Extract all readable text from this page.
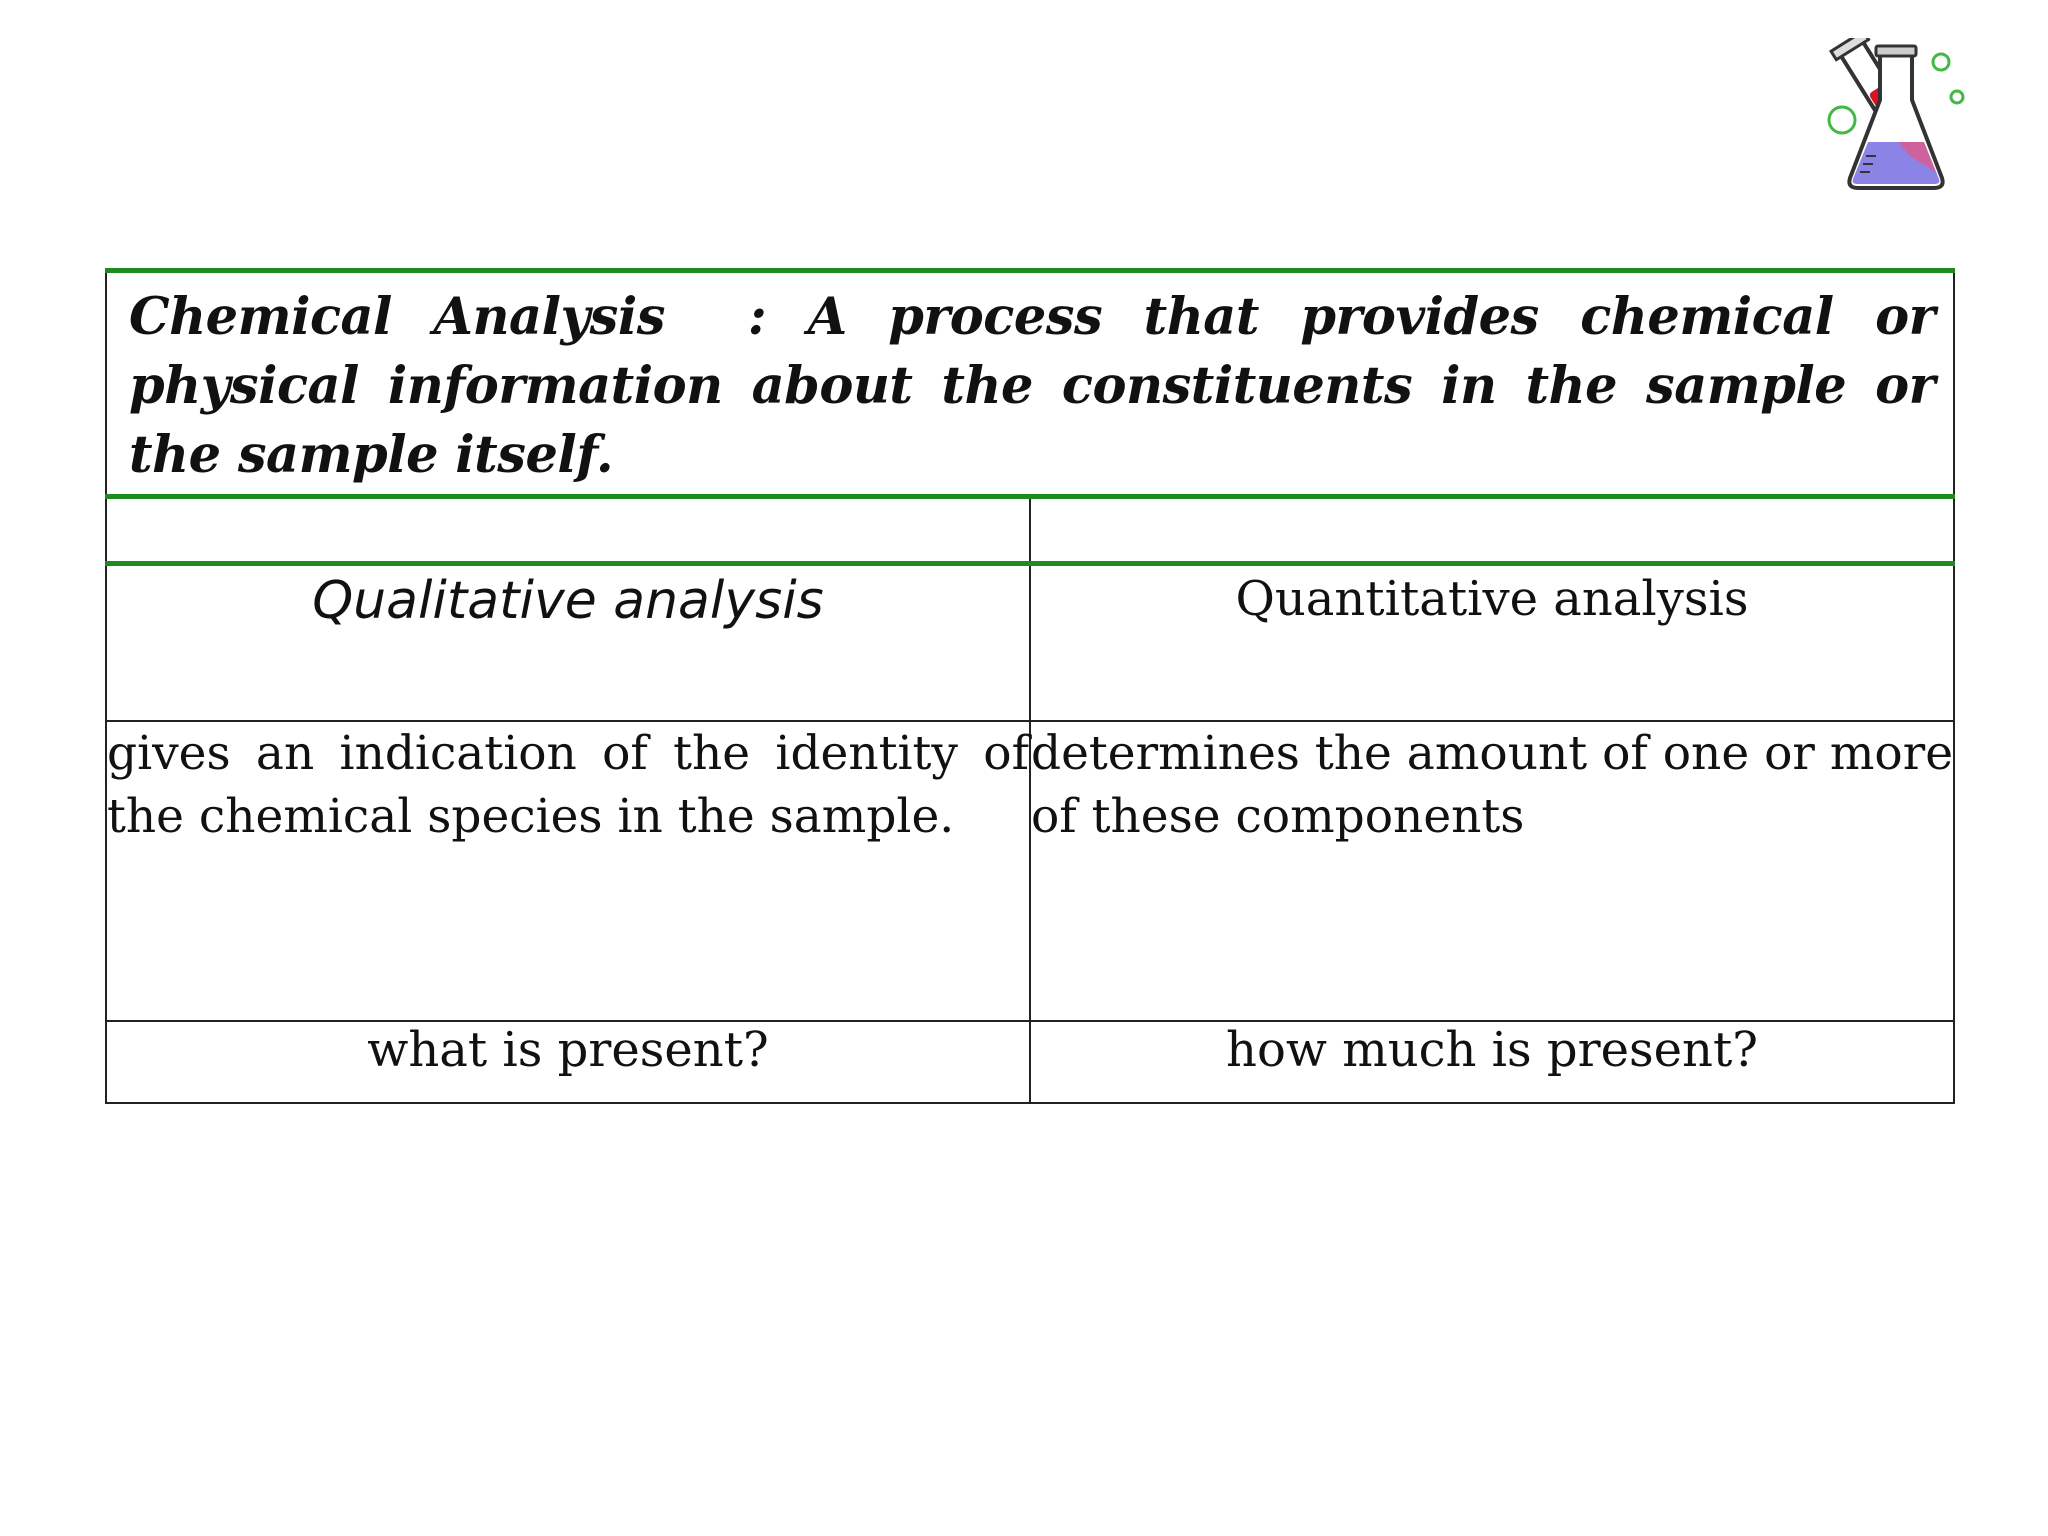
Chemical Analysis  : A process that provides chemical or physical information about the constituents in the sample or the sample itself.	

Qualitative analysis	Quantitative analysis

gives an indication of the identity of the chemical species in the sample.	determines the amount of one or more of these components

what is present?	how much is present?
